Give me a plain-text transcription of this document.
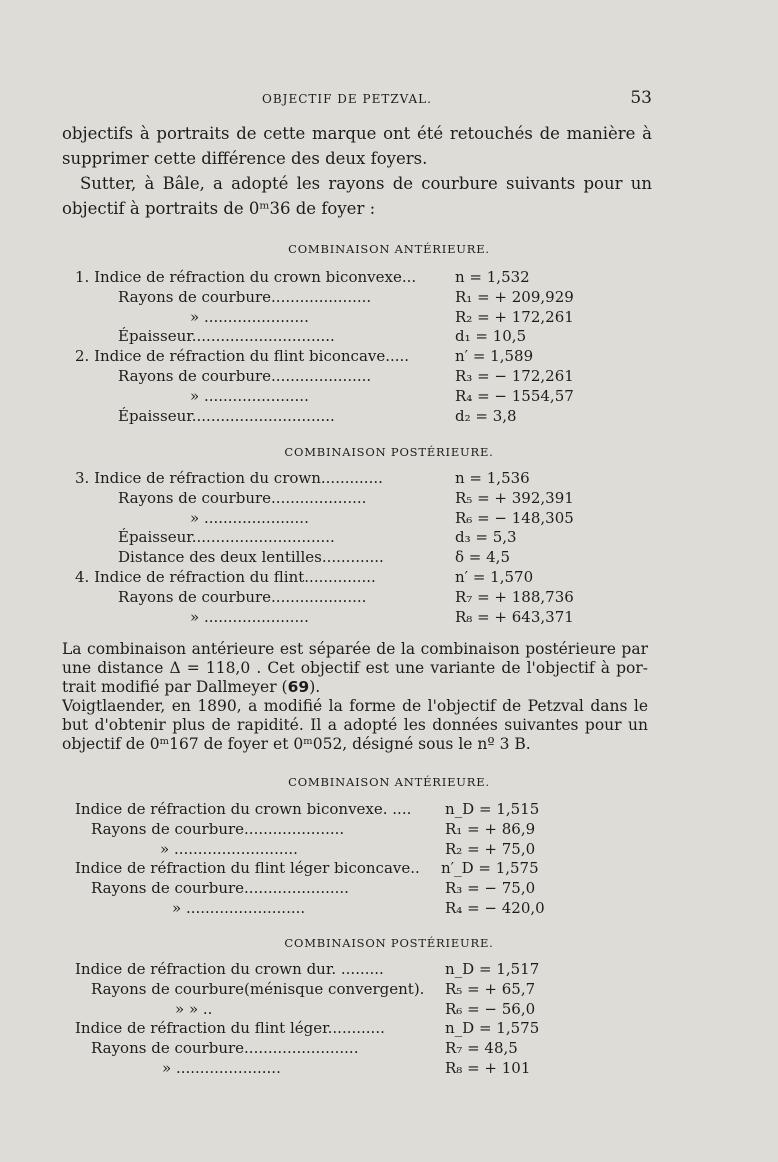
OBJECTIF DE PETZVAL.	53
objectifs à portraits de cette marque ont été retouchés de manière à
supprimer cette différence des deux foyers.
Sutter, à Bâle, a adopté les rayons de courbure suivants pour un
objectif à portraits de 0ᵐ36 de foyer :
COMBINAISON ANTÉRIEURE.
1. Indice de réfraction du crown biconvexe...	n = 1,532
Rayons de courbure.....................	R₁ = + 209,929
» ......................	R₂ = + 172,261
Épaisseur..............................	d₁ = 10,5
2. Indice de réfraction du flint biconcave.....	n′ = 1,589
Rayons de courbure.....................	R₃ = − 172,261
» ......................	R₄ = − 1554,57
Épaisseur..............................	d₂ = 3,8
COMBINAISON POSTÉRIEURE.
3. Indice de réfraction du crown.............	n = 1,536
Rayons de courbure....................	R₅ = + 392,391
» ......................	R₆ = − 148,305
Épaisseur..............................	d₃ = 5,3
Distance des deux lentilles.............	δ = 4,5
4. Indice de réfraction du flint...............	n′ = 1,570
Rayons de courbure....................	R₇ = + 188,736
» ......................	R₈ = + 643,371
La combinaison antérieure est séparée de la combinaison postérieure par
une distance Δ = 118,0 . Cet objectif est une variante de l'objectif à por-
trait modifié par Dallmeyer (69).
Voigtlaender, en 1890, a modifié la forme de l'objectif de Petzval dans le
but d'obtenir plus de rapidité. Il a adopté les données suivantes pour un
objectif de 0ᵐ167 de foyer et 0ᵐ052, désigné sous le nº 3 B.
COMBINAISON ANTÉRIEURE.
Indice de réfraction du crown biconvexe. .... n_D = 1,515
Rayons de courbure.....................	R₁ = + 86,9
» ..........................	R₂ = + 75,0
Indice de réfraction du flint léger biconcave.. n′_D = 1,575
Rayons de courbure......................	R₃ = − 75,0
» .........................	R₄ = − 420,0
COMBINAISON POSTÉRIEURE.
Indice de réfraction du crown dur. .........	n_D = 1,517
Rayons de courbure(ménisque convergent). R₅ = + 65,7
» » ..	R₆ = − 56,0
Indice de réfraction du flint léger............	n_D = 1,575
Rayons de courbure........................	R₇ = 48,5
» ......................	R₈ = + 101
